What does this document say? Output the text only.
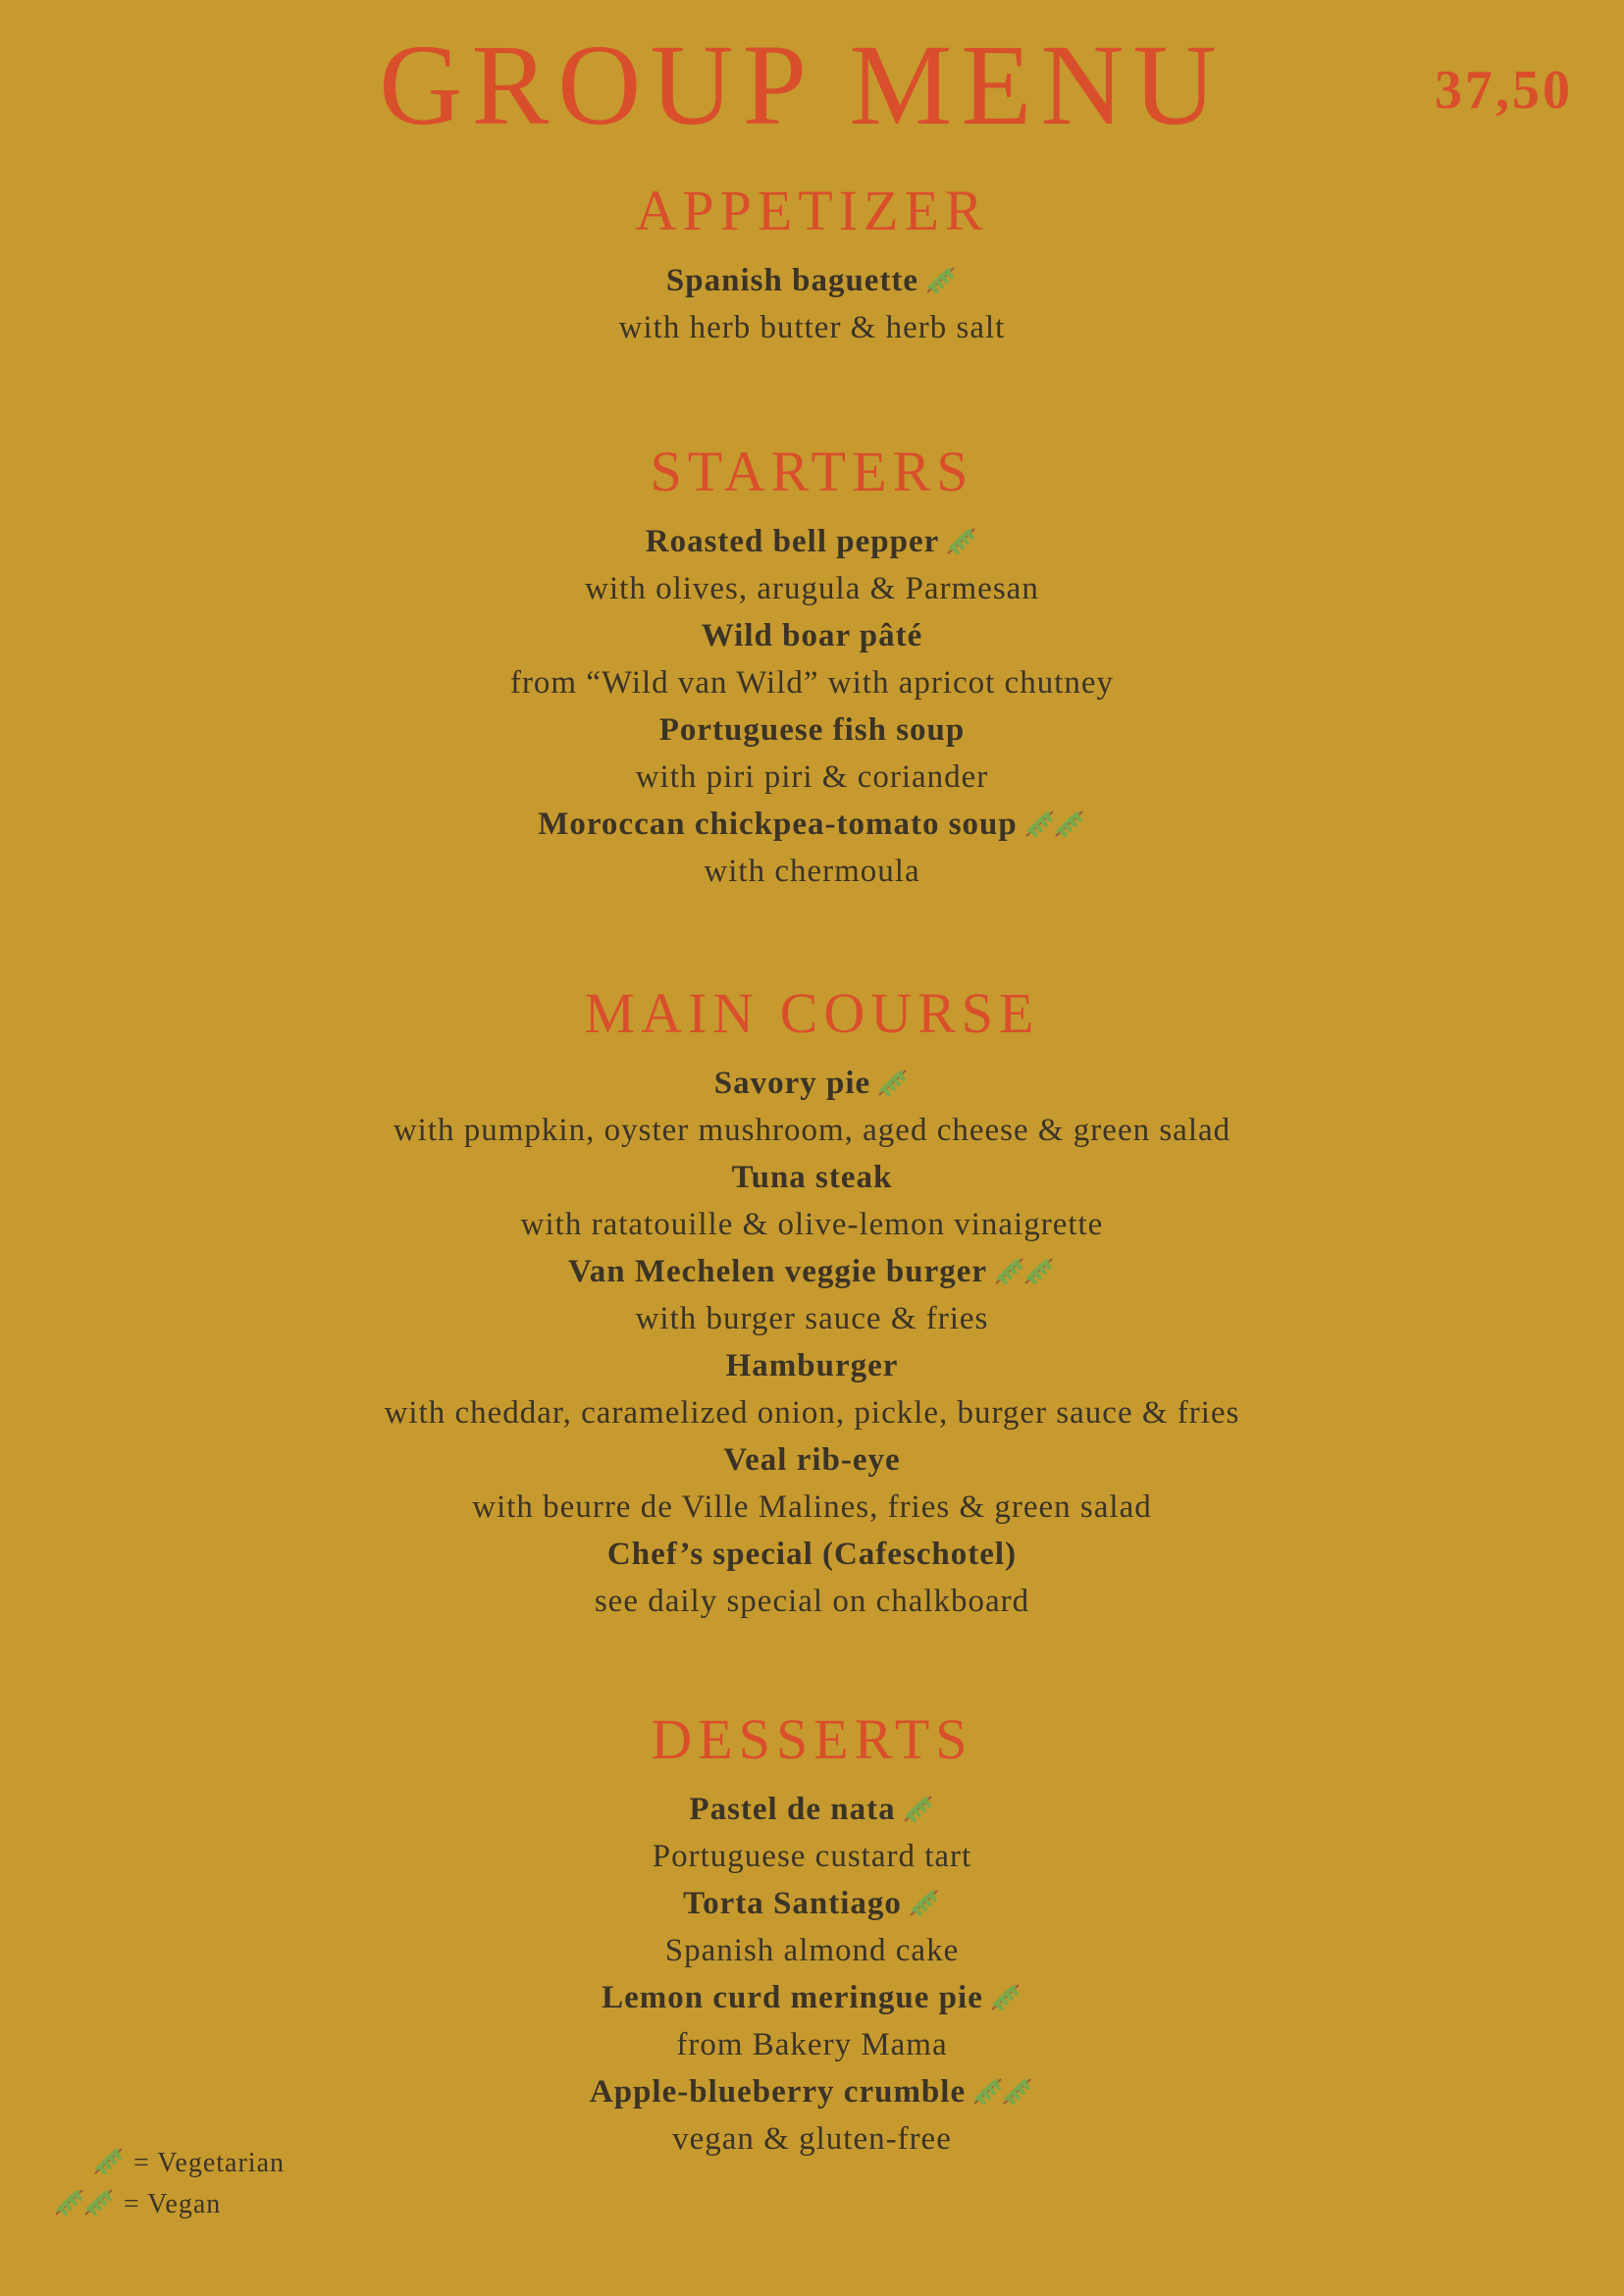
GROUP MENU	37,50
APPETIZER
Spanish baguette
with herb butter & herb salt
STARTERS
Roasted bell pepper
with olives, arugula & Parmesan
Wild boar pâté
from “Wild van Wild” with apricot chutney
Portuguese fish soup
with piri piri & coriander
Moroccan chickpea-tomato soup
with chermoula
MAIN COURSE
Savory pie
with pumpkin, oyster mushroom, aged cheese & green salad
Tuna steak
with ratatouille & olive-lemon vinaigrette
Van Mechelen veggie burger
with burger sauce & fries
Hamburger
with cheddar, caramelized onion, pickle, burger sauce & fries
Veal rib-eye
with beurre de Ville Malines, fries & green salad
Chef’s special (Cafeschotel)
see daily special on chalkboard
DESSERTS
Pastel de nata
Portuguese custard tart
Torta Santiago
Spanish almond cake
Lemon curd meringue pie
from Bakery Mama
Apple-blueberry crumble
vegan & gluten-free
= Vegetarian
= Vegan
